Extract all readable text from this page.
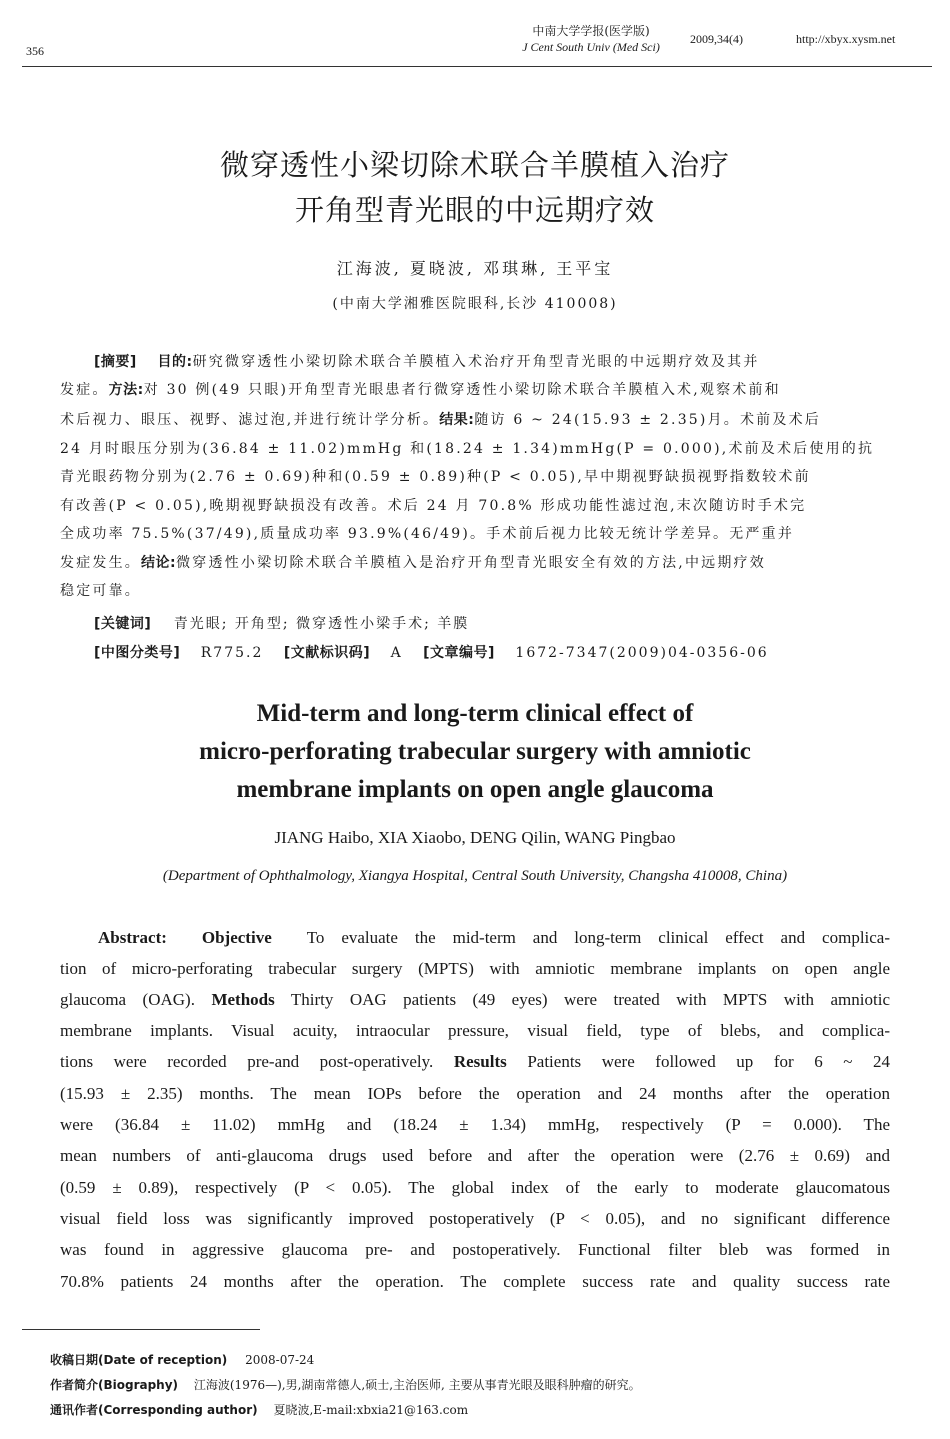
356
中南大学学报(医学版)
J Cent South Univ (Med Sci)
2009,34(4)	http://xbyx.xysm.net
微穿透性小梁切除术联合羊膜植入治疗
开角型青光眼的中远期疗效
江海波, 夏晓波, 邓琪琳, 王平宝
(中南大学湘雅医院眼科,长沙 410008)
[摘要] 目的:研究微穿透性小梁切除术联合羊膜植入术治疗开角型青光眼的中远期疗效及其并
发症。方法:对 30 例(49 只眼)开角型青光眼患者行微穿透性小梁切除术联合羊膜植入术,观察术前和
术后视力、眼压、视野、滤过泡,并进行统计学分析。结果:随访 6 ~ 24(15.93 ± 2.35)月。术前及术后
24 月时眼压分别为(36.84 ± 11.02)mmHg 和(18.24 ± 1.34)mmHg(P = 0.000),术前及术后使用的抗
青光眼药物分别为(2.76 ± 0.69)种和(0.59 ± 0.89)种(P < 0.05),早中期视野缺损视野指数较术前
有改善(P < 0.05),晚期视野缺损没有改善。术后 24 月 70.8% 形成功能性滤过泡,末次随访时手术完
全成功率 75.5%(37/49),质量成功率 93.9%(46/49)。手术前后视力比较无统计学差异。无严重并
发症发生。结论:微穿透性小梁切除术联合羊膜植入是治疗开角型青光眼安全有效的方法,中远期疗效
稳定可靠。
[关键词] 青光眼; 开角型; 微穿透性小梁手术; 羊膜
[中图分类号] R775.2 [文献标识码] A [文章编号] 1672-7347(2009)04-0356-06
Mid-term and long-term clinical effect of
micro-perforating trabecular surgery with amniotic
membrane implants on open angle glaucoma
JIANG Haibo, XIA Xiaobo, DENG Qilin, WANG Pingbao
(Department of Ophthalmology, Xiangya Hospital, Central South University, Changsha 410008, China)
Abstract: Objective To evaluate the mid-term and long-term clinical effect and complica-
tion of micro-perforating trabecular surgery (MPTS) with amniotic membrane implants on open angle
glaucoma (OAG). Methods Thirty OAG patients (49 eyes) were treated with MPTS with amniotic
membrane implants. Visual acuity, intraocular pressure, visual field, type of blebs, and complica-
tions were recorded pre-and post-operatively. Results Patients were followed up for 6 ~ 24
(15.93 ± 2.35) months. The mean IOPs before the operation and 24 months after the operation
were (36.84 ± 11.02) mmHg and (18.24 ± 1.34) mmHg, respectively (P = 0.000). The
mean numbers of anti-glaucoma drugs used before and after the operation were (2.76 ± 0.69) and
(0.59 ± 0.89), respectively (P < 0.05). The global index of the early to moderate glaucomatous
visual field loss was significantly improved postoperatively (P < 0.05), and no significant difference
was found in aggressive glaucoma pre- and postoperatively. Functional filter bleb was formed in
70.8% patients 24 months after the operation. The complete success rate and quality success rate
收稿日期(Date of reception) 2008-07-24
作者简介(Biography) 江海波(1976—),男,湖南常德人,硕士,主治医师, 主要从事青光眼及眼科肿瘤的研究。
通讯作者(Corresponding author) 夏晓波,E-mail:xbxia21@163.com
